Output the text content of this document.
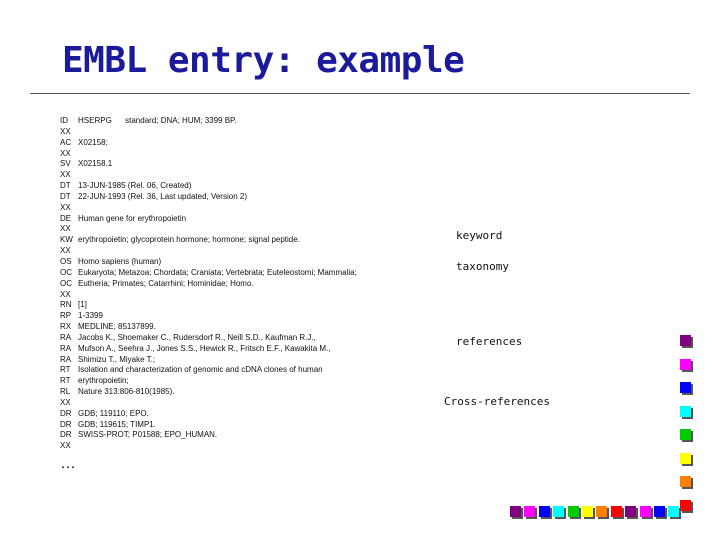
EMBL entry: example
ID HSERPG      standard; DNA; HUM; 3399 BP.
XX
AC X02158;
XX
SV X02158.1
XX
DT 13-JUN-1985 (Rel. 06, Created)
DT 22-JUN-1993 (Rel. 36, Last updated, Version 2)
XX
DE Human gene for erythropoietin
XX
KW erythropoietin; glycoprotein hormone; hormone; signal peptide.
XX
OS Homo sapiens (human)
OC Eukaryota; Metazoa; Chordata; Craniata; Vertebrata; Euteleostomi; Mammalia;
OC Eutheria; Primates; Catarrhini; Hominidae; Homo.
XX
RN [1]
RP 1-3399
RX MEDLINE; 85137899.
RA Jacobs K., Shoemaker C., Rudersdorf R., Neill S.D., Kaufman R.J.,
RA Mufson A., Seehra J., Jones S.S., Hewick R., Fritsch E.F., Kawakita M.,
RA Shimizu T., Miyake T.;
RT Isolation and characterization of genomic and cDNA clones of human
RT erythropoietin;
RL Nature 313:806-810(1985).
XX
DR GDB; 119110; EPO.
DR GDB; 119615; TIMP1.
DR SWISS-PROT; P01588; EPO_HUMAN.
XX
…
keyword
taxonomy
references
Cross-references
